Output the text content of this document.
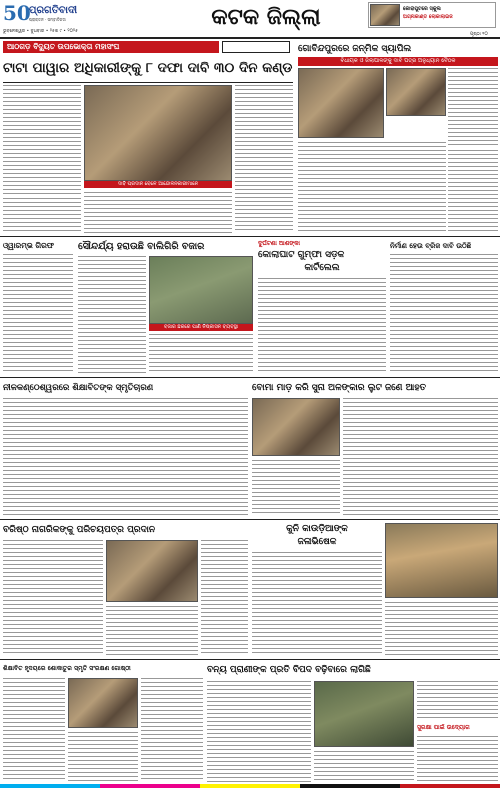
50
ପ୍ରଗତିବାଦୀ
ପ୍ରାକ୍ତନ · ସମ୍ବାଦିକତା
ଭୁବନେଶ୍ୱର • ବୁଧବାର • ୨୫ଶ ୯ • ୨୦୨୫
କଟକ ଜିଲ୍ଲା	କୋରାପୁଟରେ ସ୍କୁଲ
ଅଗ୍ନାକାଣ୍ଡ ଲୋକାଲାଇଜ
ପୃଷ୍ଠା ୧୦
ଆଠଗଡ଼ ବିଦ୍ୟୁତ ଉପଭୋକ୍ତା ମହାସଂଘ
ଟାଟା ପାୱାର ଅଧିକାରୀଙ୍କୁ ୮ ଦଫା ଦାବି ୩୦ ଦିନ କଣ୍ଡ
ଦାବି ପ୍ରଦାନ ବେଳେ ଆନ୍ଦୋଳନକାରୀମାନେ
ଗୋବିନ୍ଦପୁରରେ ଜନ୍ମିକ ସ୍ୟାପିଲ
ବିଧାୟକ ଓ ଜିଲାପାଳଙ୍କୁ ଦାବି ପତ୍ର ଅନୁଧ୍ୟାନ ବୈଠକ
ଓ୍ୱାରମ୍ଭ ଗିରଫ	ସୌନ୍ଦର୍ଯ୍ୟ ହରାଉଛି ବାଲିଗିରି ବଜାର
ବଜାର ଛକରେ ପାଣି ନିଷ୍କାସନ ବ୍ୟବସ୍ଥା
ଦୁର୍ଘଟଣା ଆଶଙ୍କା
କୋଲାଘାଟ ଗୁମ୍ଫା ସଡ଼କ
କାର୍ଟିଲେଲ
ନିର୍ମାଣ ହେଉ ବ୍ରିଜ ଦାବି ଉଠିଛି
ନୀଳକଣ୍ଠେଶ୍ୱରରେ ଶିକ୍ଷାବିତଙ୍କ ସ୍ମୃତିଚାରଣ	ବୋମା ମାଡ଼ କରି ସୁନା ଅଳଙ୍କାର ଲୁଟ ଜଣେ ଆହତ
ବରିଷ୍ଠ ନାଗରିକଙ୍କୁ ପରିଚୟପତ୍ର ପ୍ରଦାନ	କୁନି କାଉଡ଼ିଆଙ୍କ
ଜଳାଭିଷେକ
ଶିକ୍ଷାବିତ ହୃଦୟରେ ଶୋକାତୁର ସ୍ମୃତି ସଂରକ୍ଷଣ ଗୋଷ୍ଠୀ	ବନ୍ୟ ପ୍ରାଣୀଙ୍କ ପ୍ରତି ବିପଦ ବଢ଼ିବାରେ ଲାଗିଛି
ସୁରକ୍ଷା ପାଇଁ ଉଦ୍ୟୋଗ
